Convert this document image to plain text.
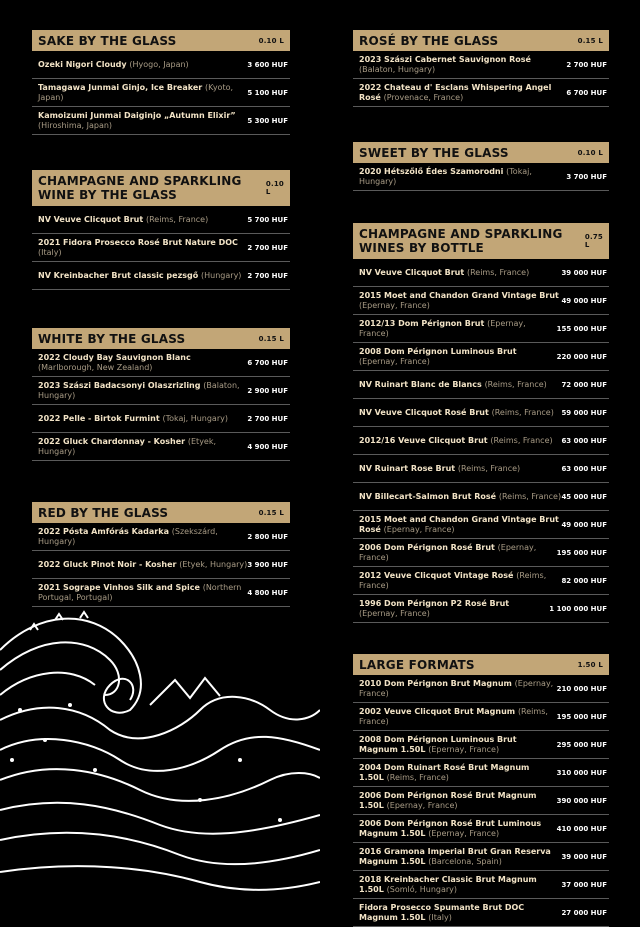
SAKE BY THE GLASS	0.10 L
Ozeki Nigori Cloudy (Hyogo, Japan)	3 600 HUF
Tamagawa Junmai Ginjo, Ice Breaker (Kyoto, Japan)	5 100 HUF
Kamoizumi Junmai Daiginjo „Autumn Elixir” (Hiroshima, Japan)	5 300 HUF
CHAMPAGNE AND SPARKLING WINE BY THE GLASS
0.10 L
NV Veuve Clicquot Brut (Reims, France)	5 700 HUF
2021 Fidora Prosecco Rosé Brut Nature DOC (Italy)	2 700 HUF
NV Kreinbacher Brut classic pezsgő (Hungary) 2 700 HUF
WHITE BY THE GLASS	0.15 L
2022 Cloudy Bay Sauvignon Blanc (Marlborough, New Zealand)	6 700 HUF
2023 Szászi Badacsonyi Olaszrizling (Balaton, Hungary)	2 900 HUF
2022 Pelle - Birtok Furmint (Tokaj, Hungary)	2 700 HUF
2022 Gluck Chardonnay - Kosher (Etyek, Hungary)	4 900 HUF
RED BY THE GLASS	0.15 L
2022 Pósta Amfórás Kadarka (Szekszárd, Hungary)	2 800 HUF
2022 Gluck Pinot Noir - Kosher (Etyek, Hungary) 3 900 HUF
2021 Sogrape Vinhos Silk and Spice (Northern Portugal, Portugal)	4 800 HUF
ROSÉ BY THE GLASS	0.15 L
2023 Szászi Cabernet Sauvignon Rosé (Balaton, Hungary)	2 700 HUF
2022 Chateau d' Esclans Whispering Angel Rosé (Provenace, France)	6 700 HUF
SWEET BY THE GLASS	0.10 L
2020 Hétszőlő Édes Szamorodni (Tokaj, Hungary)	3 700 HUF
CHAMPAGNE AND SPARKLING WINES BY BOTTLE
0.75 L
NV Veuve Clicquot Brut (Reims, France)	39 000 HUF
2015 Moet and Chandon Grand Vintage Brut (Epernay, France)	49 000 HUF
2012/13 Dom Pérignon Brut (Epernay, France)	155 000 HUF
2008 Dom Pérignon Luminous Brut (Epernay, France)	220 000 HUF
NV Ruinart Blanc de Blancs (Reims, France) 72 000 HUF
NV Veuve Clicquot Rosé Brut (Reims, France) 59 000 HUF
2012/16 Veuve Clicquot Brut (Reims, France) 63 000 HUF
NV Ruinart Rose Brut (Reims, France)	63 000 HUF
NV Billecart-Salmon Brut Rosé (Reims, France) 45 000 HUF
2015 Moet and Chandon Grand Vintage Brut Rosé (Epernay, France)	49 000 HUF
2006 Dom Pérignon Rosé Brut (Epernay, France)	195 000 HUF
2012 Veuve Clicquot Vintage Rosé (Reims, France)	82 000 HUF
1996 Dom Pérignon P2 Rosé Brut (Epernay, France)	1 100 000 HUF
LARGE FORMATS	1.50 L
2010 Dom Pérignon Brut Magnum (Epernay, France)	210 000 HUF
2002 Veuve Clicquot Brut Magnum (Reims, France)	195 000 HUF
2008 Dom Pérignon Luminous Brut Magnum 1.50L (Epernay, France)	295 000 HUF
2004 Dom Ruinart Rosé Brut Magnum 1.50L (Reims, France)	310 000 HUF
2006 Dom Pérignon Rosé Brut Magnum 1.50L (Epernay, France)	390 000 HUF
2006 Dom Pérignon Rosé Brut Luminous Magnum 1.50L (Epernay, France)	410 000 HUF
2016 Gramona Imperial Brut Gran Reserva Magnum 1.50L (Barcelona, Spain)	39 000 HUF
2018 Kreinbacher Classic Brut Magnum 1.50L (Somló, Hungary)	37 000 HUF
Fidora Prosecco Spumante Brut DOC Magnum 1.50L (Italy)	27 000 HUF
